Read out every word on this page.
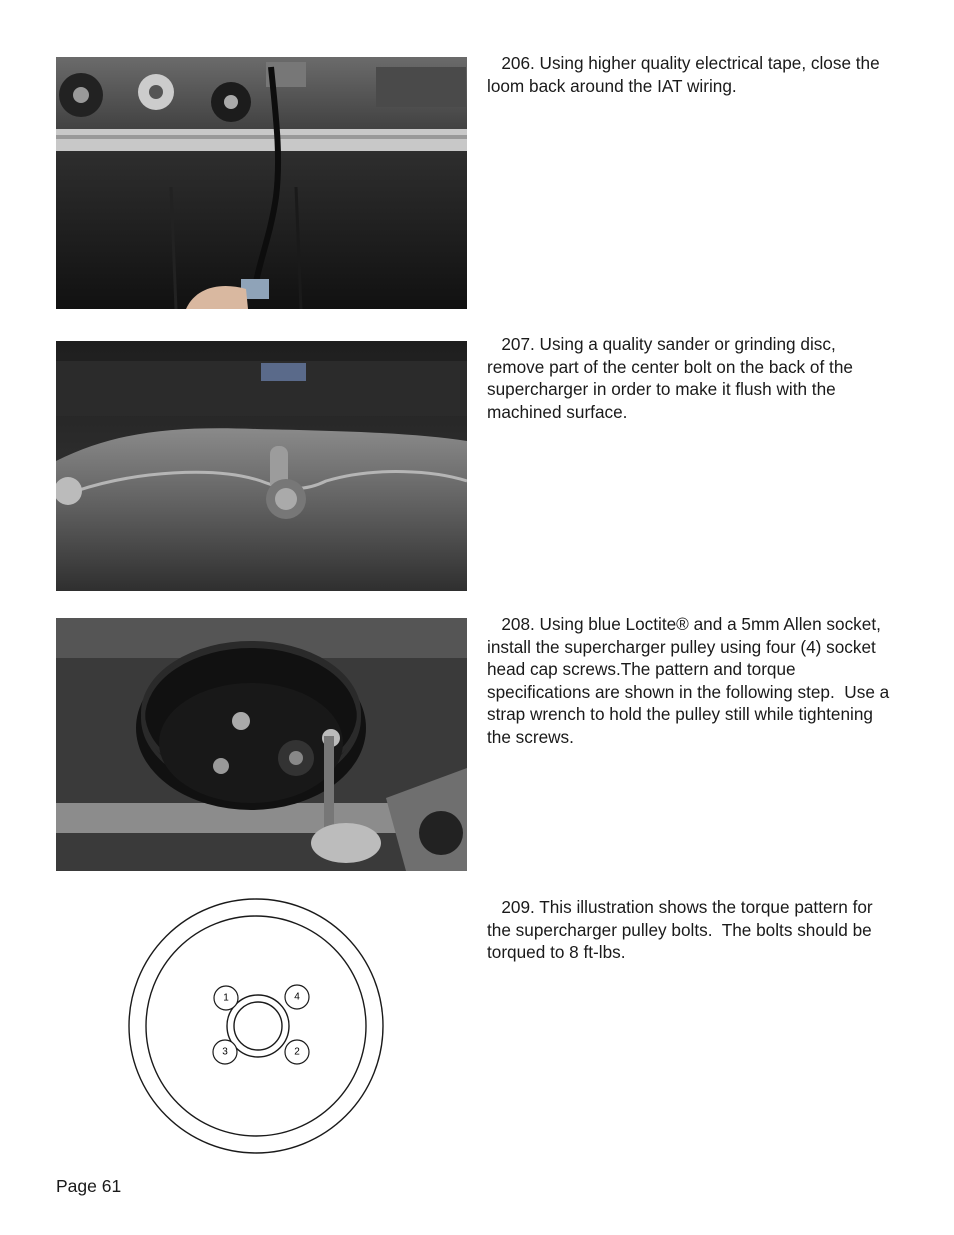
206. Using higher quality electrical tape, close the loom back around the IAT wiring.

207. Using a quality sander or grinding disc, remove part of the center bolt on the back of the supercharger in order to make it flush with the machined surface.

208. Using blue Loctite® and a 5mm Allen socket, install the supercharger pulley using four (4) socket head cap screws.The pattern and torque specifications are shown in the following step.  Use a strap wrench to hold the pulley still while tightening the screws.

1	4
3	2

209. This illustration shows the torque pattern for the supercharger pulley bolts.  The bolts should be torqued to 8 ft-lbs.

Page 61
